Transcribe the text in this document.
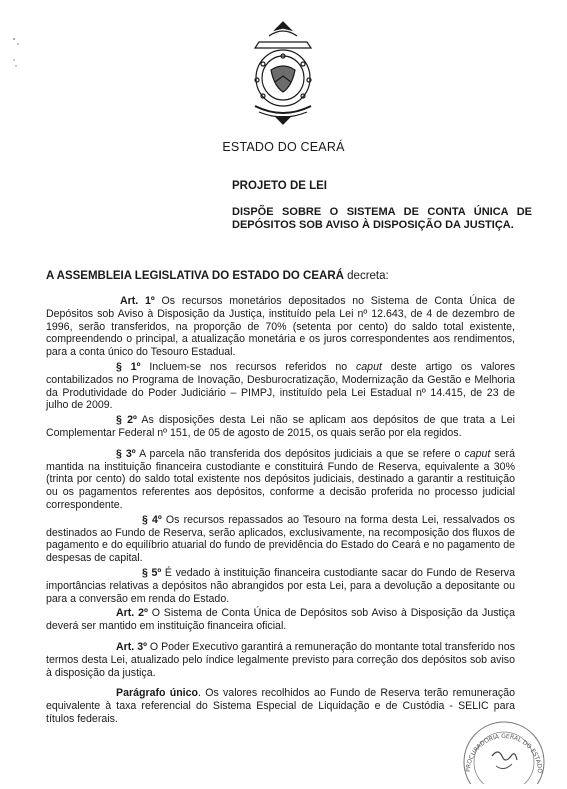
ESTADO DO CEARÁ
PROJETO DE LEI
DISPÕE SOBRE O SISTEMA DE CONTA ÚNICA DE DEPÓSITOS SOB AVISO À DISPOSIÇÃO DA JUSTIÇA.
A ASSEMBLEIA LEGISLATIVA DO ESTADO DO CEARÁ decreta:

Art. 1º Os recursos monetários depositados no Sistema de Conta Única de Depósitos sob Aviso à Disposição da Justiça, instituído pela Lei nº 12.643, de 4 de dezembro de 1996, serão transferidos, na proporção de 70% (setenta por cento) do saldo total existente, compreendendo o principal, a atualização monetária e os juros correspondentes aos rendimentos, para a conta único do Tesouro Estadual.

§ 1º Incluem-se nos recursos referidos no caput deste artigo os valores contabilizados no Programa de Inovação, Desburocratização, Modernização da Gestão e Melhoria da Produtividade do Poder Judiciário – PIMPJ, instituído pela Lei Estadual nº 14.415, de 23 de julho de 2009.

§ 2º As disposições desta Lei não se aplicam aos depósitos de que trata a Lei Complementar Federal nº 151, de 05 de agosto de 2015, os quais serão por ela regidos.

§ 3º A parcela não transferida dos depósitos judiciais a que se refere o caput será mantida na instituição financeira custodiante e constituirá Fundo de Reserva, equivalente a 30% (trinta por cento) do saldo total existente nos depósitos judiciais, destinado a garantir a restituição ou os pagamentos referentes aos depósitos, conforme a decisão proferida no processo judicial correspondente.

§ 4º Os recursos repassados ao Tesouro na forma desta Lei, ressalvados os destinados ao Fundo de Reserva, serão aplicados, exclusivamente, na recomposição dos fluxos de pagamento e do equilíbrio atuarial do fundo de previdência do Estado do Ceará e no pagamento de despesas de capital.

§ 5º É vedado à instituição financeira custodiante sacar do Fundo de Reserva importâncias relativas a depósitos não abrangidos por esta Lei, para a devolução a depositante ou para a conversão em renda do Estado.

Art. 2º O Sistema de Conta Única de Depósitos sob Aviso à Disposição da Justiça deverá ser mantido em instituição financeira oficial.

Art. 3º O Poder Executivo garantirá a remuneração do montante total transferido nos termos desta Lei, atualizado pelo índice legalmente previsto para correção dos depósitos sob aviso à disposição da justiça.

Parágrafo único. Os valores recolhidos ao Fundo de Reserva terão remuneração equivalente à taxa referencial do Sistema Especial de Liquidação e de Custódia - SELIC para títulos federais.

PROCURADORIA GERAL DO ESTADO
